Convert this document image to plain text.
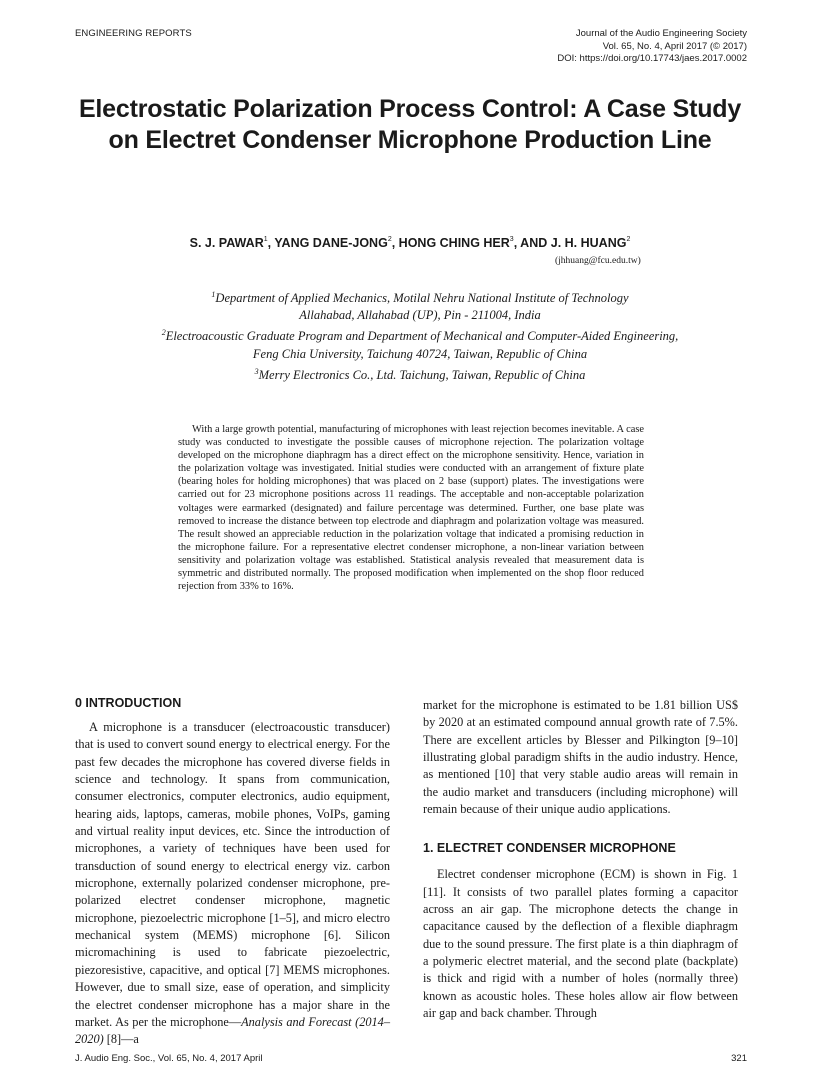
ENGINEERING REPORTS	Journal of the Audio Engineering Society
Vol. 65, No. 4, April 2017 (© 2017)
DOI: https://doi.org/10.17743/jaes.2017.0002
Electrostatic Polarization Process Control: A Case Study on Electret Condenser Microphone Production Line
S. J. PAWAR$^1$, YANG DANE-JONG$^2$, HONG CHING HER$^3$, AND J. H. HUANG$^2$
(jhhuang@fcu.edu.tw)
$^1$Department of Applied Mechanics, Motilal Nehru National Institute of Technology
Allahabad, Allahabad (UP), Pin - 211004, India
$^2$Electroacoustic Graduate Program and Department of Mechanical and Computer-Aided Engineering,
Feng Chia University, Taichung 40724, Taiwan, Republic of China
$^3$Merry Electronics Co., Ltd. Taichung, Taiwan, Republic of China
With a large growth potential, manufacturing of microphones with least rejection becomes inevitable. A case study was conducted to investigate the possible causes of microphone rejection. The polarization voltage developed on the microphone diaphragm has a direct effect on the microphone sensitivity. Hence, variation in the polarization voltage was investigated. Initial studies were conducted with an arrangement of fixture plate (bearing holes for holding microphones) that was placed on 2 base (support) plates. The investigations were carried out for 23 microphone positions across 11 readings. The acceptable and non-acceptable polarization voltages were earmarked (designated) and failure percentage was determined. Further, one base plate was removed to increase the distance between top electrode and diaphragm and polarization voltage was measured. The result showed an appreciable reduction in the polarization voltage that indicated a promising reduction in the microphone failure. For a representative electret condenser microphone, a non-linear variation between sensitivity and polarization voltage was established. Statistical analysis revealed that measurement data is symmetric and distributed normally. The proposed modification when implemented on the shop floor reduced rejection from 33% to 16%.
0 INTRODUCTION

A microphone is a transducer (electroacoustic transducer) that is used to convert sound energy to electrical energy. For the past few decades the microphone has covered diverse fields in science and technology. It spans from communication, consumer electronics, computer electronics, audio equipment, hearing aids, laptops, cameras, mobile phones, VoIPs, gaming and virtual reality input devices, etc. Since the introduction of microphones, a variety of techniques have been used for transduction of sound energy to electrical energy viz. carbon microphone, externally polarized condenser microphone, pre-polarized electret condenser microphone, magnetic microphone, piezoelectric microphone [1–5], and micro electro mechanical system (MEMS) microphone [6]. Silicon micromachining is used to fabricate piezoelectric, piezoresistive, capacitive, and optical [7] MEMS microphones. However, due to small size, ease of operation, and simplicity the electret condenser microphone has a major share in the market. As per the microphone—Analysis and Forecast (2014–2020) [8]—a

market for the microphone is estimated to be 1.81 billion US$ by 2020 at an estimated compound annual growth rate of 7.5%. There are excellent articles by Blesser and Pilkington [9–10] illustrating global paradigm shifts in the audio industry. Hence, as mentioned [10] that very stable audio areas will remain in the audio market and transducers (including microphone) will remain because of their unique audio applications.

1. ELECTRET CONDENSER MICROPHONE

Electret condenser microphone (ECM) is shown in Fig. 1 [11]. It consists of two parallel plates forming a capacitor across an air gap. The microphone detects the change in capacitance caused by the deflection of a flexible diaphragm due to the sound pressure. The first plate is a thin diaphragm of a polymeric electret material, and the second plate (backplate) is thick and rigid with a number of holes (normally three) known as acoustic holes. These holes allow air flow between air gap and back chamber. Through

J. Audio Eng. Soc., Vol. 65, No. 4, 2017 April	321
